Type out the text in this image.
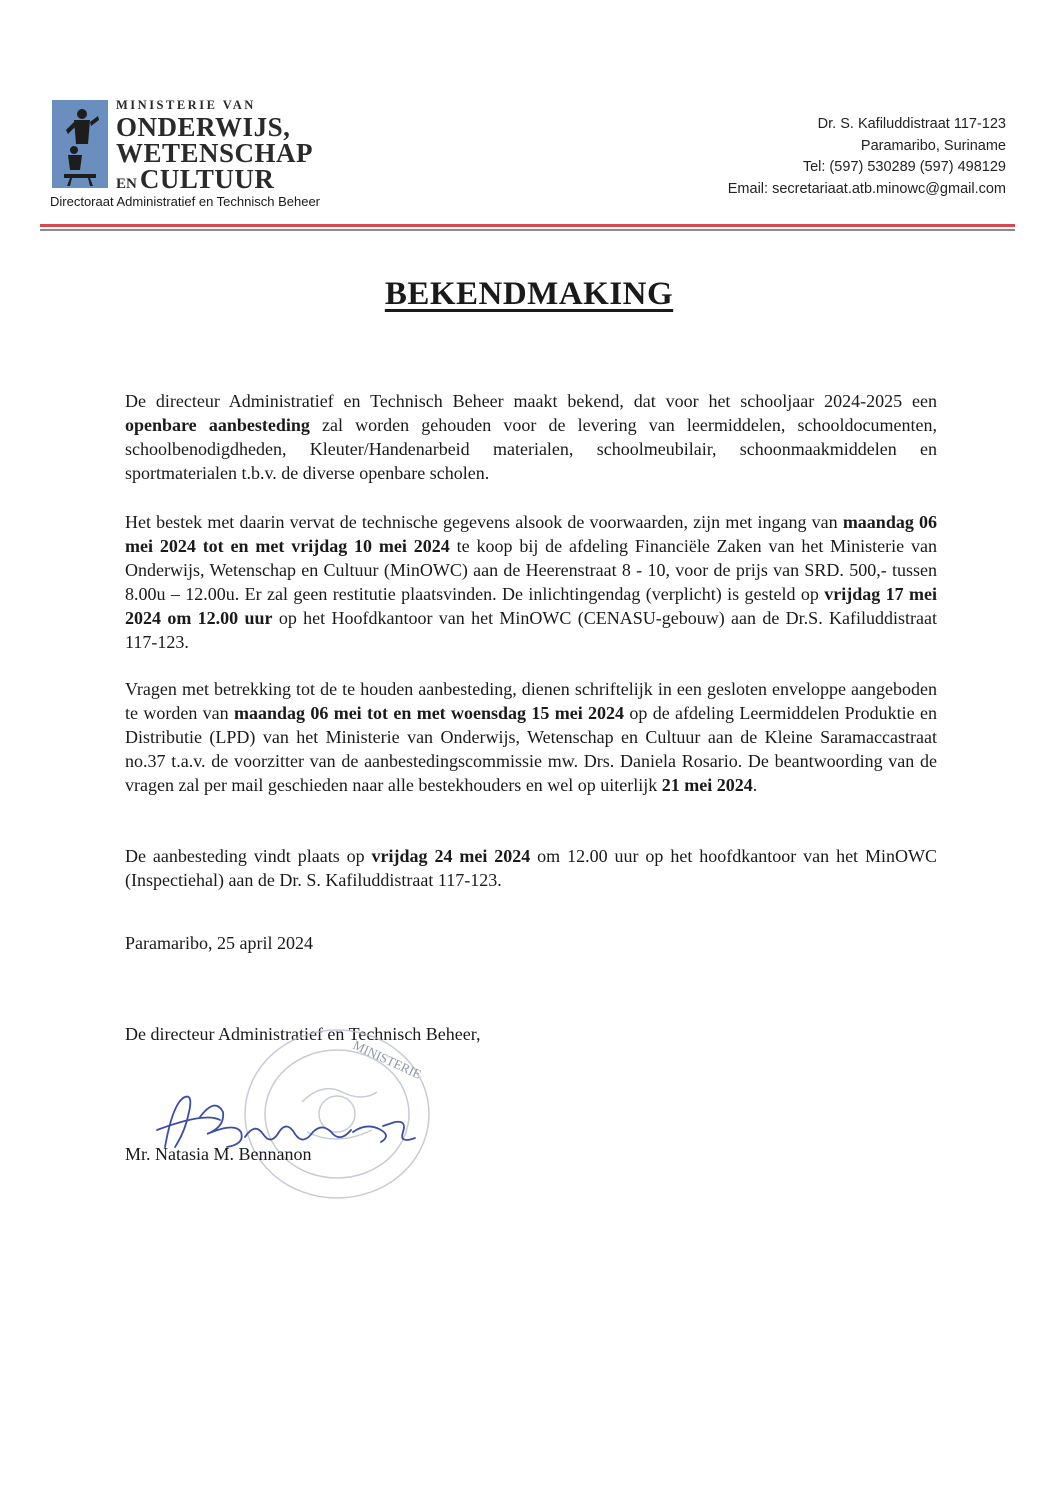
MINISTERIE VAN
ONDERWIJS,
WETENSCHAP
EN CULTUUR
Directoraat Administratief en Technisch Beheer
Dr. S. Kafiluddistraat 117-123
Paramaribo, Suriname
Tel: (597) 530289 (597) 498129
Email: secretariaat.atb.minowc@gmail.com
BEKENDMAKING
De directeur Administratief en Technisch Beheer maakt bekend, dat voor het schooljaar 2024-2025 een openbare aanbesteding zal worden gehouden voor de levering van leermiddelen, schooldocumenten, schoolbenodigdheden, Kleuter/Handenarbeid materialen, schoolmeubilair, schoonmaakmiddelen en sportmaterialen t.b.v. de diverse openbare scholen.
Het bestek met daarin vervat de technische gegevens alsook de voorwaarden, zijn met ingang van maandag 06 mei 2024 tot en met vrijdag 10 mei 2024 te koop bij de afdeling Financiële Zaken van het Ministerie van Onderwijs, Wetenschap en Cultuur (MinOWC) aan de Heerenstraat 8 - 10, voor de prijs van SRD. 500,- tussen 8.00u – 12.00u. Er zal geen restitutie plaatsvinden. De inlichtingendag (verplicht) is gesteld op vrijdag 17 mei 2024 om 12.00 uur op het Hoofdkantoor van het MinOWC (CENASU-gebouw) aan de Dr.S. Kafiluddistraat 117-123.
Vragen met betrekking tot de te houden aanbesteding, dienen schriftelijk in een gesloten enveloppe aangeboden te worden van maandag 06 mei tot en met woensdag 15 mei 2024 op de afdeling Leermiddelen Produktie en Distributie (LPD) van het Ministerie van Onderwijs, Wetenschap en Cultuur aan de Kleine Saramaccastraat no.37 t.a.v. de voorzitter van de aanbestedingscommissie mw. Drs. Daniela Rosario. De beantwoording van de vragen zal per mail geschieden naar alle bestekhouders en wel op uiterlijk 21 mei 2024.
De aanbesteding vindt plaats op vrijdag 24 mei 2024 om 12.00 uur op het hoofdkantoor van het MinOWC (Inspectiehal) aan de Dr. S. Kafiluddistraat 117-123.
Paramaribo, 25 april 2024
De directeur Administratief en Technisch Beheer,
MINISTERIE
Mr. Natasia M. Bennanon
